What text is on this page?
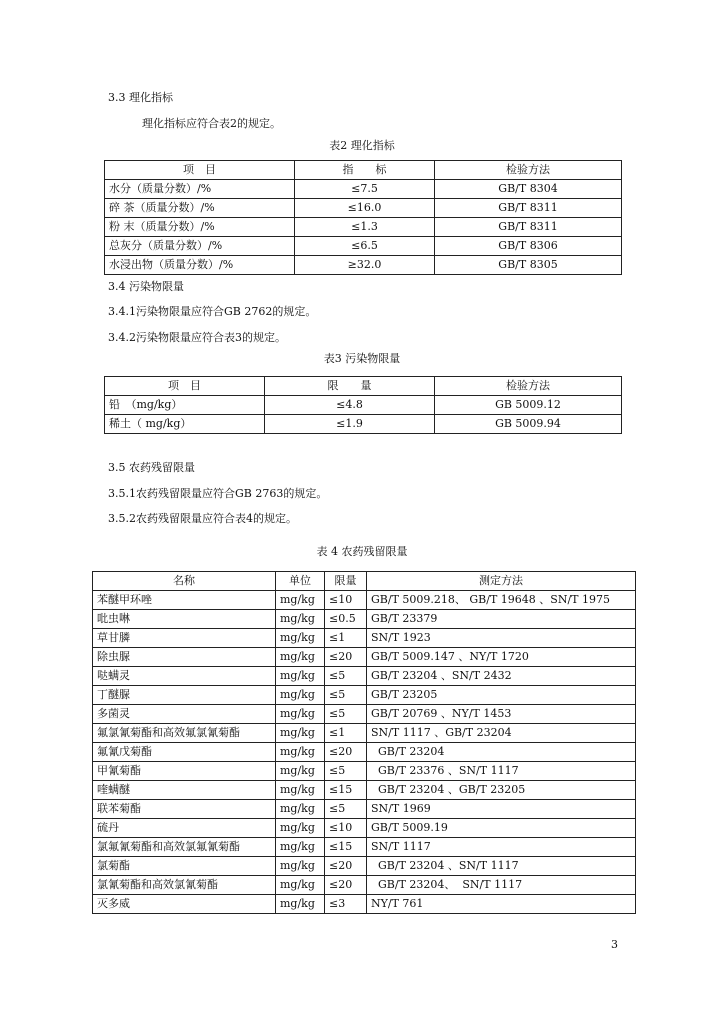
3.3 理化指标
理化指标应符合表2的规定。
表2 理化指标
项　目	指　　标	检验方法
水分（质量分数）/%	≤7.5	GB/T 8304
碎 茶（质量分数）/%	≤16.0	GB/T 8311
粉 末（质量分数）/%	≤1.3	GB/T 8311
总灰分（质量分数）/%	≤6.5	GB/T 8306
水浸出物（质量分数）/%	≥32.0	GB/T 8305
3.4 污染物限量
3.4.1污染物限量应符合GB 2762的规定。
3.4.2污染物限量应符合表3的规定。
表3 污染物限量
项　目	限　　量	检验方法
铅　（mg/kg）	≤4.8	GB 5009.12
稀土（ mg/kg）	≤1.9	GB 5009.94
3.5 农药残留限量
3.5.1农药残留限量应符合GB 2763的规定。
3.5.2农药残留限量应符合表4的规定。
表 4 农药残留限量
名称	单位	限量	测定方法
苯醚甲环唑	mg/kg	≤10	GB/T 5009.218、 GB/T 19648 、SN/T 1975
吡虫啉	mg/kg	≤0.5	GB/T 23379
草甘膦	mg/kg	≤1	SN/T 1923
除虫脲	mg/kg	≤20	GB/T 5009.147 、NY/T 1720
哒螨灵	mg/kg	≤5	GB/T 23204 、SN/T 2432
丁醚脲	mg/kg	≤5	GB/T 23205
多菌灵	mg/kg	≤5	GB/T 20769 、NY/T 1453
氟氯氰菊酯和高效氟氯氰菊酯	mg/kg	≤1	SN/T 1117 、GB/T 23204
氟氰戊菊酯	mg/kg	≤20	GB/T 23204
甲氰菊酯	mg/kg	≤5	GB/T 23376 、SN/T 1117
喹螨醚	mg/kg	≤15	GB/T 23204 、GB/T 23205
联苯菊酯	mg/kg	≤5	SN/T 1969
硫丹	mg/kg	≤10	GB/T 5009.19
氯氟氰菊酯和高效氯氟氰菊酯	mg/kg	≤15	SN/T 1117
氯菊酯	mg/kg	≤20	GB/T 23204 、SN/T 1117
氯氰菊酯和高效氯氰菊酯	mg/kg	≤20	GB/T 23204、  SN/T 1117
灭多威	mg/kg	≤3	NY/T 761
3
